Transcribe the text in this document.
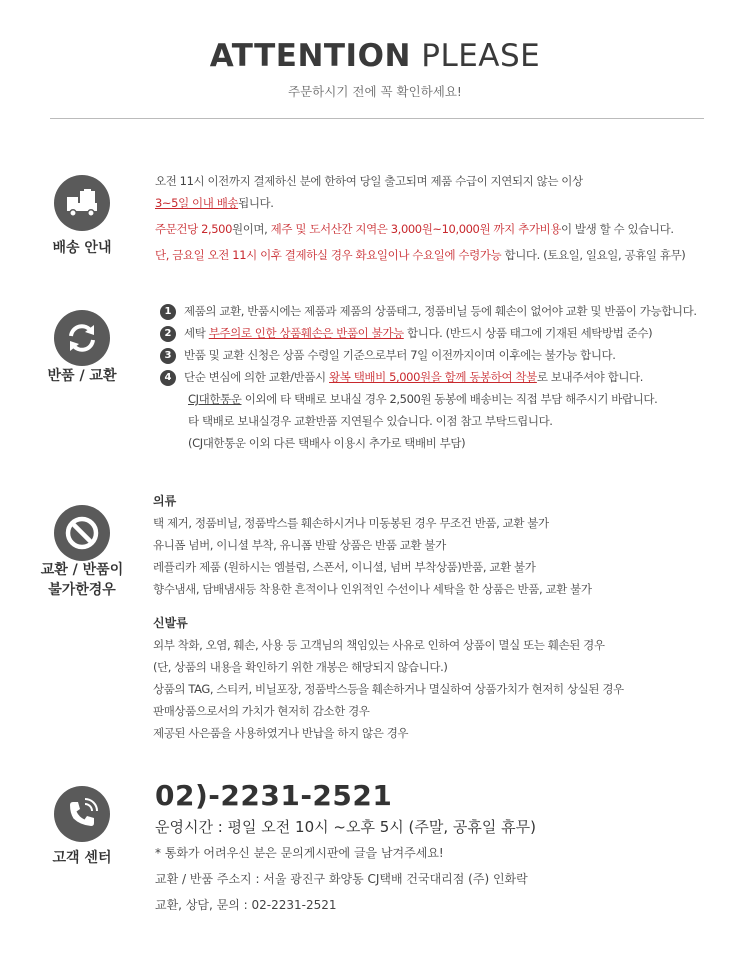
ATTENTION PLEASE
주문하시기 전에 꼭 확인하세요!
배송 안내
오전 11시 이전까지 결제하신 분에 한하여 당일 출고되며 제품 수급이 지연되지 않는 이상
3~5일 이내 배송됩니다.
주문건당 2,500원이며, 제주 및 도서산간 지역은 3,000원~10,000원 까지 추가비용이 발생 할 수 있습니다.
단, 금요일 오전 11시 이후 결제하실 경우 화요일이나 수요일에 수령가능 합니다. (토요일, 일요일, 공휴일 휴무)
반품 / 교환
1 제품의 교환, 반품시에는 제품과 제품의 상품태그, 정품비닐 등에 훼손이 없어야 교환 및 반품이 가능합니다.
2 세탁 부주의로 인한 상품훼손은 반품이 불가능 합니다. (반드시 상품 태그에 기재된 세탁방법 준수)
3 반품 및 교환 신청은 상품 수령일 기준으로부터 7일 이전까지이며 이후에는 불가능 합니다.
4 단순 변심에 의한 교환/반품시 왕복 택배비 5,000원을 함께 동봉하여 착불로 보내주셔야 합니다.
CJ대한통운 이외에 타 택배로 보내실 경우 2,500원 동봉에 배송비는 직접 부담 해주시기 바랍니다.
타 택배로 보내실경우 교환반품 지연될수 있습니다. 이점 참고 부탁드립니다.
(CJ대한통운 이외 다른 택배사 이용시 추가로 택배비 부담)
교환 / 반품이
불가한경우
의류
택 제거, 정품비닐, 정품박스를 훼손하시거나 미동봉된 경우 무조건 반품, 교환 불가
유니폼 넘버, 이니셜 부착, 유니폼 반팔 상품은 반품 교환 불가
레플리카 제품 (원하시는 엠블럼, 스폰서, 이니셜, 넘버 부착상품)반품, 교환 불가
향수냄새, 담배냄새등 착용한 흔적이나 인위적인 수선이나 세탁을 한 상품은 반품, 교환 불가
신발류
외부 착화, 오염, 훼손, 사용 등 고객님의 책임있는 사유로 인하여 상품이 멸실 또는 훼손된 경우
(단, 상품의 내용을 확인하기 위한 개봉은 해당되지 않습니다.)
상품의 TAG, 스티커, 비닐포장, 정품박스등을 훼손하거나 멸실하여 상품가치가 현저히 상실된 경우
판매상품으로서의 가치가 현저히 감소한 경우
제공된 사은품을 사용하였거나 반납을 하지 않은 경우
고객 센터
02)-2231-2521
운영시간 : 평일 오전 10시 ~오후 5시 (주말, 공휴일 휴무)
* 통화가 어려우신 분은 문의게시판에 글을 남겨주세요!
교환 / 반품 주소지 : 서울 광진구 화양동 CJ택배 건국대리점 (주) 인화락
교환, 상담, 문의 : 02-2231-2521
